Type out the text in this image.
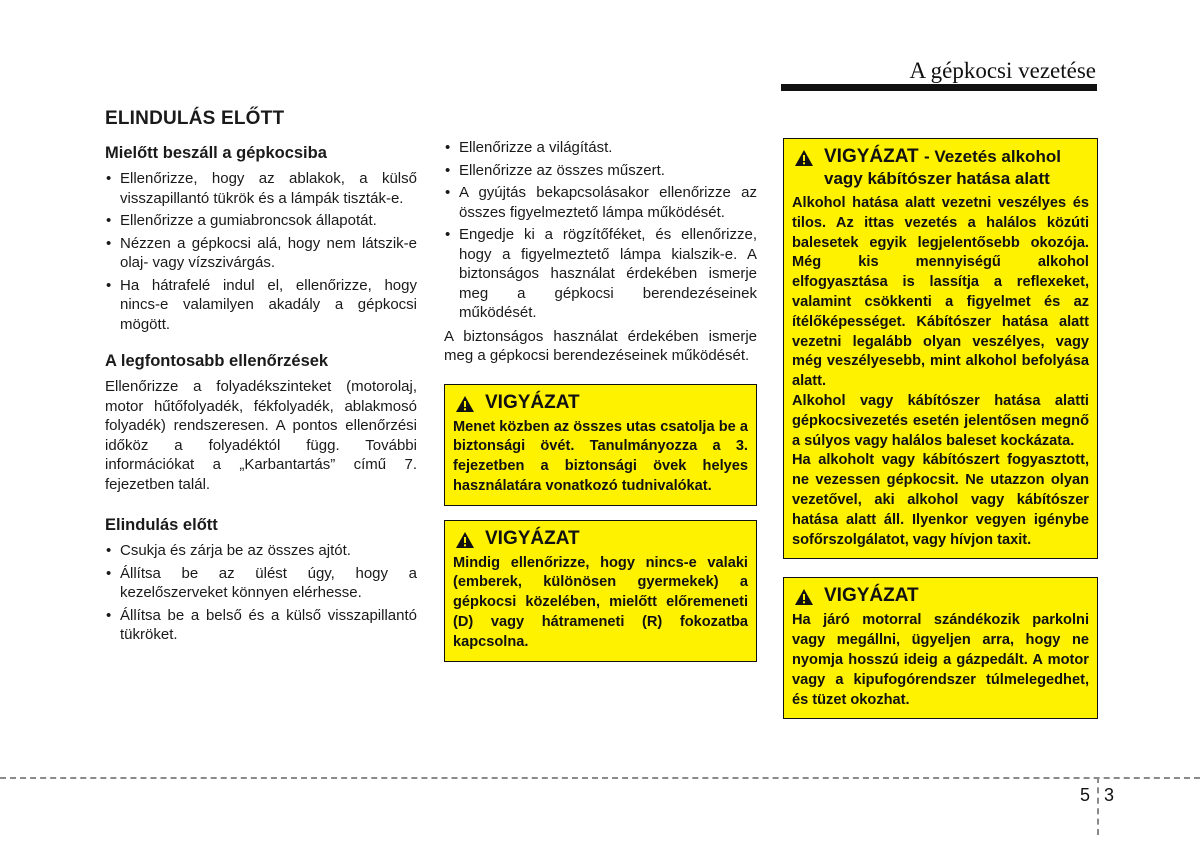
A gépkocsi vezetése
ELINDULÁS ELŐTT
Mielőtt beszáll a gépkocsiba
• Ellenőrizze, hogy az ablakok, a külső visszapillantó tükrök és a lámpák tiszták-e.
• Ellenőrizze a gumiabroncsok állapotát.
• Nézzen a gépkocsi alá, hogy nem látszik-e olaj- vagy vízszivárgás.
• Ha hátrafelé indul el, ellenőrizze, hogy nincs-e valamilyen akadály a gépkocsi mögött.
A legfontosabb ellenőrzések

Ellenőrizze a folyadékszinteket (motorolaj, motor hűtőfolyadék, fékfolyadék, ablakmosó folyadék) rendszeresen. A pontos ellenőrzési időköz a folyadéktól függ. További információkat a „Karbantartás” című 7. fejezetben talál.

Elindulás előtt
• Csukja és zárja be az összes ajtót.
• Állítsa be az ülést úgy, hogy a kezelőszerveket könnyen elérhesse.
• Állítsa be a belső és a külső visszapillantó tükröket.
• Ellenőrizze a világítást.
• Ellenőrizze az összes műszert.
• A gyújtás bekapcsolásakor ellenőrizze az összes figyelmeztető lámpa működését.
• Engedje ki a rögzítőféket, és ellenőrizze, hogy a figyelmeztető lámpa kialszik-e. A biztonságos használat érdekében ismerje meg a gépkocsi berendezéseinek működését.

A biztonságos használat érdekében ismerje meg a gépkocsi berendezéseinek működését.

VIGYÁZAT

Menet közben az összes utas csatolja be a biztonsági övét. Tanulmányozza a 3. fejezetben a biztonsági övek helyes használatára vonatkozó tudnivalókat.

VIGYÁZAT

Mindig ellenőrizze, hogy nincs-e valaki (emberek, különösen gyermekek) a gépkocsi közelében, mielőtt előremeneti (D) vagy hátrameneti (R) fokozatba kapcsolna.

VIGYÁZAT - Vezetés alkohol vagy kábítószer hatása alatt

Alkohol hatása alatt vezetni veszélyes és tilos. Az ittas vezetés a halálos közúti balesetek egyik legjelentősebb okozója. Még kis mennyiségű alkohol elfogyasztása is lassítja a reflexeket, valamint csökkenti a figyelmet és az ítélőképességet. Kábítószer hatása alatt vezetni legalább olyan veszélyes, vagy még veszélyesebb, mint alkohol befolyása alatt.

Alkohol vagy kábítószer hatása alatti gépkocsivezetés esetén jelentősen megnő a súlyos vagy halálos baleset kockázata.

Ha alkoholt vagy kábítószert fogyasztott, ne vezessen gépkocsit. Ne utazzon olyan vezetővel, aki alkohol vagy kábítószer hatása alatt áll. Ilyenkor vegyen igénybe sofőrszolgálatot, vagy hívjon taxit.

VIGYÁZAT

Ha járó motorral szándékozik parkolni vagy megállni, ügyeljen arra, hogy ne nyomja hosszú ideig a gázpedált. A motor vagy a kipufogórendszer túlmelegedhet, és tüzet okozhat.

5 3
